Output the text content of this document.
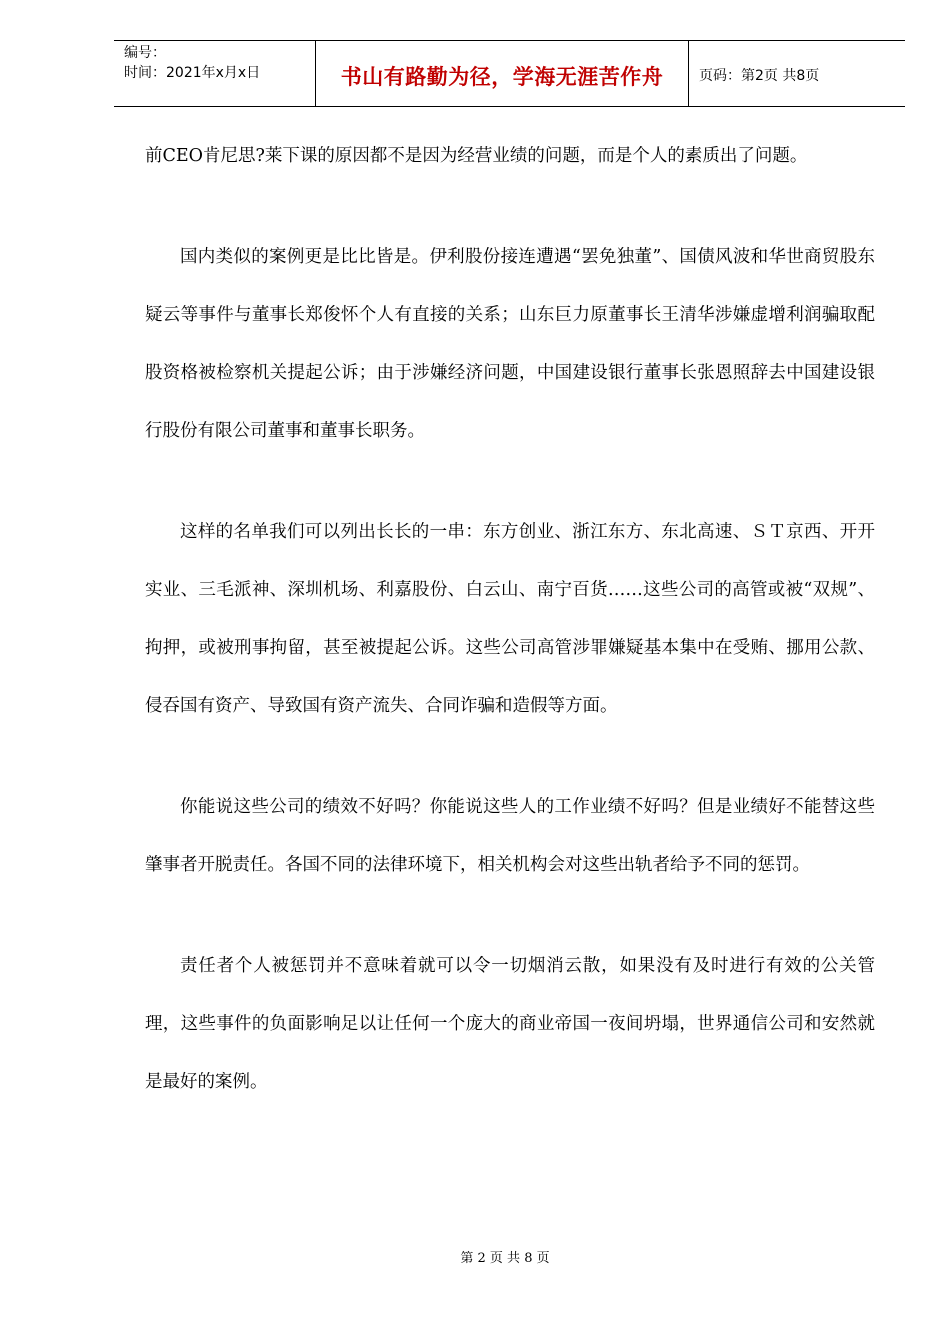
编号：
时间：2021年x月x日	书山有路勤为径，学海无涯苦作舟	页码：第2页 共8页

前CEO肯尼思?莱下课的原因都不是因为经营业绩的问题，而是个人的素质出了问题。

国内类似的案例更是比比皆是。伊利股份接连遭遇“罢免独董”、国债风波和华世商贸股东疑云等事件与董事长郑俊怀个人有直接的关系；山东巨力原董事长王清华涉嫌虚增利润骗取配股资格被检察机关提起公诉；由于涉嫌经济问题，中国建设银行董事长张恩照辞去中国建设银行股份有限公司董事和董事长职务。

这样的名单我们可以列出长长的一串：东方创业、浙江东方、东北高速、ＳＴ京西、开开实业、三毛派神、深圳机场、利嘉股份、白云山、南宁百货……这些公司的高管或被“双规”、拘押，或被刑事拘留，甚至被提起公诉。这些公司高管涉罪嫌疑基本集中在受贿、挪用公款、侵吞国有资产、导致国有资产流失、合同诈骗和造假等方面。

你能说这些公司的绩效不好吗？你能说这些人的工作业绩不好吗？但是业绩好不能替这些肇事者开脱责任。各国不同的法律环境下，相关机构会对这些出轨者给予不同的惩罚。

责任者个人被惩罚并不意味着就可以令一切烟消云散，如果没有及时进行有效的公关管理，这些事件的负面影响足以让任何一个庞大的商业帝国一夜间坍塌，世界通信公司和安然就是最好的案例。

第 2 页 共 8 页
